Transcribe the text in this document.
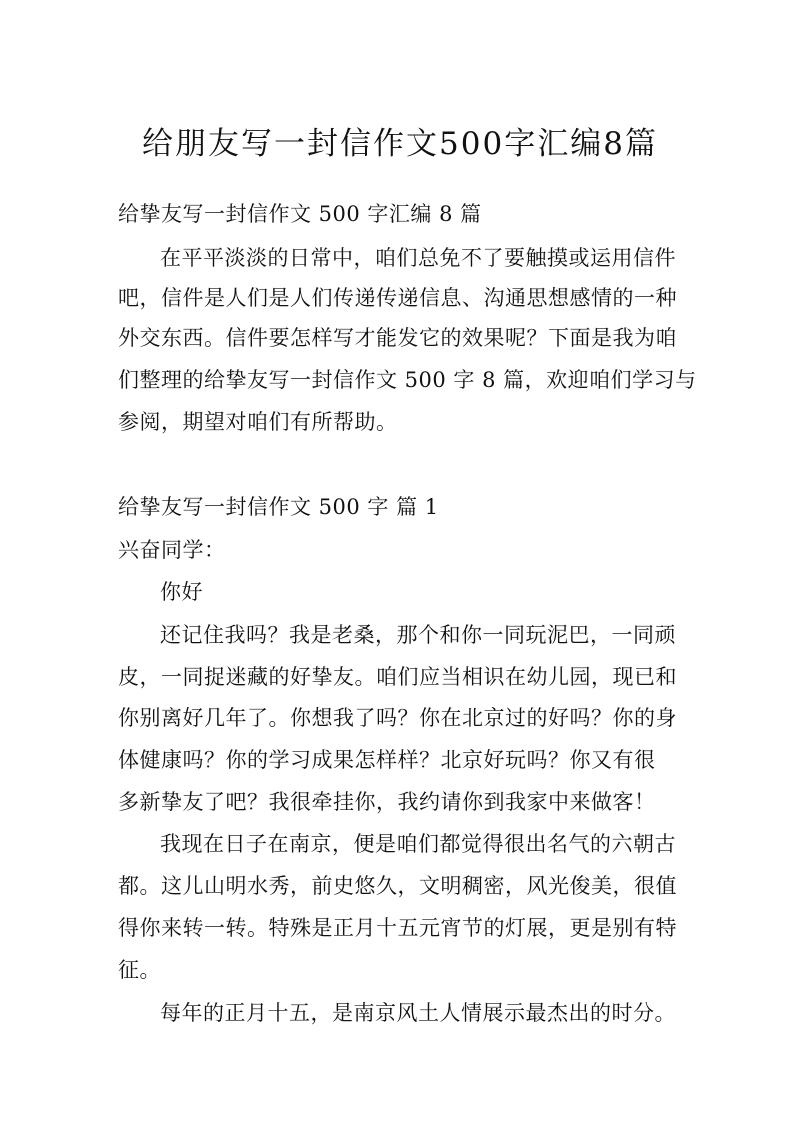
给朋友写一封信作文500字汇编8篇
给挚友写一封信作文 500 字汇编 8 篇
在平平淡淡的日常中，咱们总免不了要触摸或运用信件
吧，信件是人们是人们传递传递信息、沟通思想感情的一种
外交东西。信件要怎样写才能发它的效果呢？下面是我为咱
们整理的给挚友写一封信作文 500 字 8 篇，欢迎咱们学习与
参阅，期望对咱们有所帮助。
给挚友写一封信作文 500 字 篇 1
兴奋同学：
你好
还记住我吗？我是老桑，那个和你一同玩泥巴，一同顽
皮，一同捉迷藏的好挚友。咱们应当相识在幼儿园，现已和
你别离好几年了。你想我了吗？你在北京过的好吗？你的身
体健康吗？你的学习成果怎样样？北京好玩吗？你又有很
多新挚友了吧？我很牵挂你，我约请你到我家中来做客！
我现在日子在南京，便是咱们都觉得很出名气的六朝古
都。这儿山明水秀，前史悠久，文明稠密，风光俊美，很值
得你来转一转。特殊是正月十五元宵节的灯展，更是别有特
征。
每年的正月十五，是南京风土人情展示最杰出的时分。
